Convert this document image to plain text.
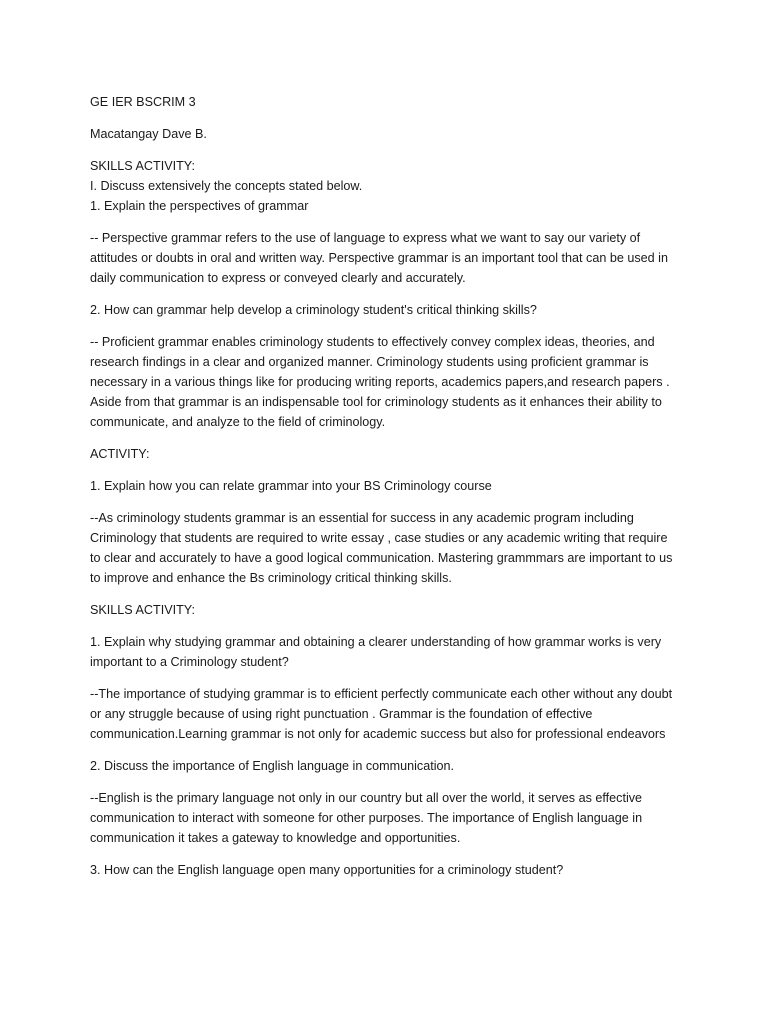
GE IER BSCRIM 3

Macatangay Dave B.

SKILLS ACTIVITY:

I. Discuss extensively the concepts stated below.

1. Explain the perspectives of grammar

-- Perspective grammar refers to the use of language to express what we want to say our variety of attitudes or doubts in oral and written way. Perspective grammar is an important tool that can be used in daily communication to express or conveyed clearly and accurately.

2. How can grammar help develop a criminology student's critical thinking skills?

-- Proficient grammar enables criminology students to effectively convey complex ideas, theories, and research findings in a clear and organized manner. Criminology students using proficient grammar is necessary in a various things like for producing writing reports, academics papers,and research papers . Aside from that grammar is an indispensable tool for criminology students as it enhances their ability to communicate, and analyze to the field of criminology.

ACTIVITY:

1. Explain how you can relate grammar into your BS Criminology course

--As criminology students grammar is an essential for success in any academic program including Criminology that students are required to write essay , case studies or any academic writing that require to clear and accurately to have a good logical communication. Mastering grammmars are important to us to improve and enhance the Bs criminology critical thinking skills.

SKILLS ACTIVITY:

1. Explain why studying grammar and obtaining a clearer understanding of how grammar works is very important to a Criminology student?

--The importance of studying grammar is to efficient perfectly communicate each other without any doubt or any struggle because of using right punctuation . Grammar is the foundation of effective communication.Learning grammar is not only for academic success but also for professional endeavors

2. Discuss the importance of English language in communication.

--English is the primary language not only in our country but all over the world, it serves as effective communication to interact with someone for other purposes. The importance of English language in communication it takes a gateway to knowledge and opportunities.

3. How can the English language open many opportunities for a criminology student?
